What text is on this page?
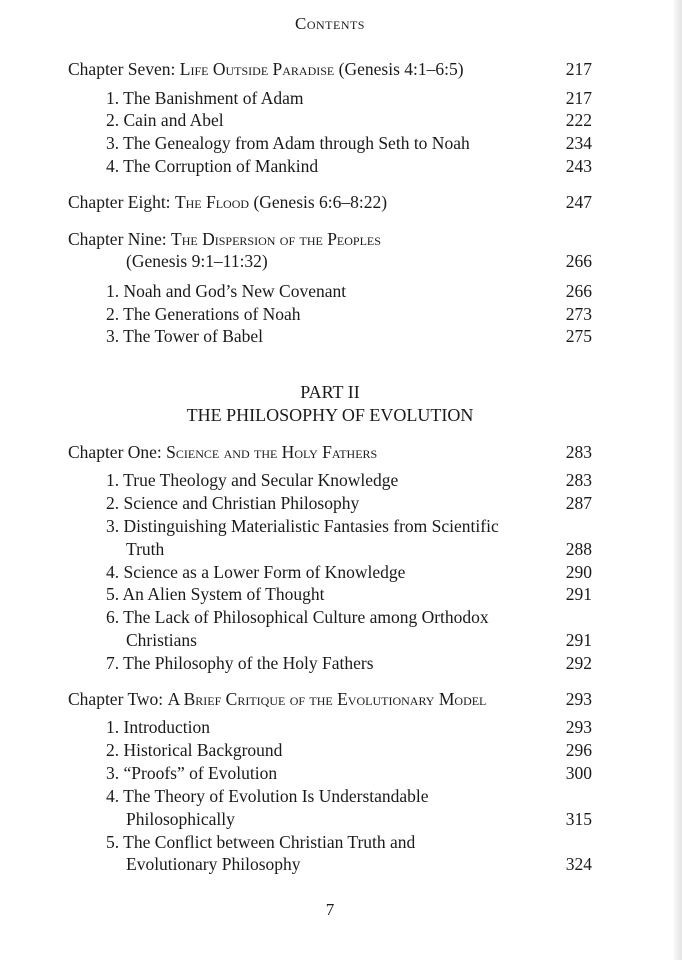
Contents
Chapter Seven: Life Outside Paradise (Genesis 4:1–6:5)	217
1. The Banishment of Adam	217
2. Cain and Abel	222
3. The Genealogy from Adam through Seth to Noah	234
4. The Corruption of Mankind	243
Chapter Eight: The Flood (Genesis 6:6–8:22)	247
Chapter Nine: The Dispersion of the Peoples
(Genesis 9:1–11:32)	266
1. Noah and God’s New Covenant	266
2. The Generations of Noah	273
3. The Tower of Babel	275
PART II
THE PHILOSOPHY OF EVOLUTION
Chapter One: Science and the Holy Fathers	283
1. True Theology and Secular Knowledge	283
2. Science and Christian Philosophy	287
3. Distinguishing Materialistic Fantasies from Scientific
Truth	288
4. Science as a Lower Form of Knowledge	290
5. An Alien System of Thought	291
6. The Lack of Philosophical Culture among Orthodox
Christians	291
7. The Philosophy of the Holy Fathers	292
Chapter Two: A Brief Critique of the Evolutionary Model	293
1. Introduction	293
2. Historical Background	296
3. “Proofs” of Evolution	300
4. The Theory of Evolution Is Understandable
Philosophically	315
5. The Conflict between Christian Truth and
Evolutionary Philosophy	324
7
